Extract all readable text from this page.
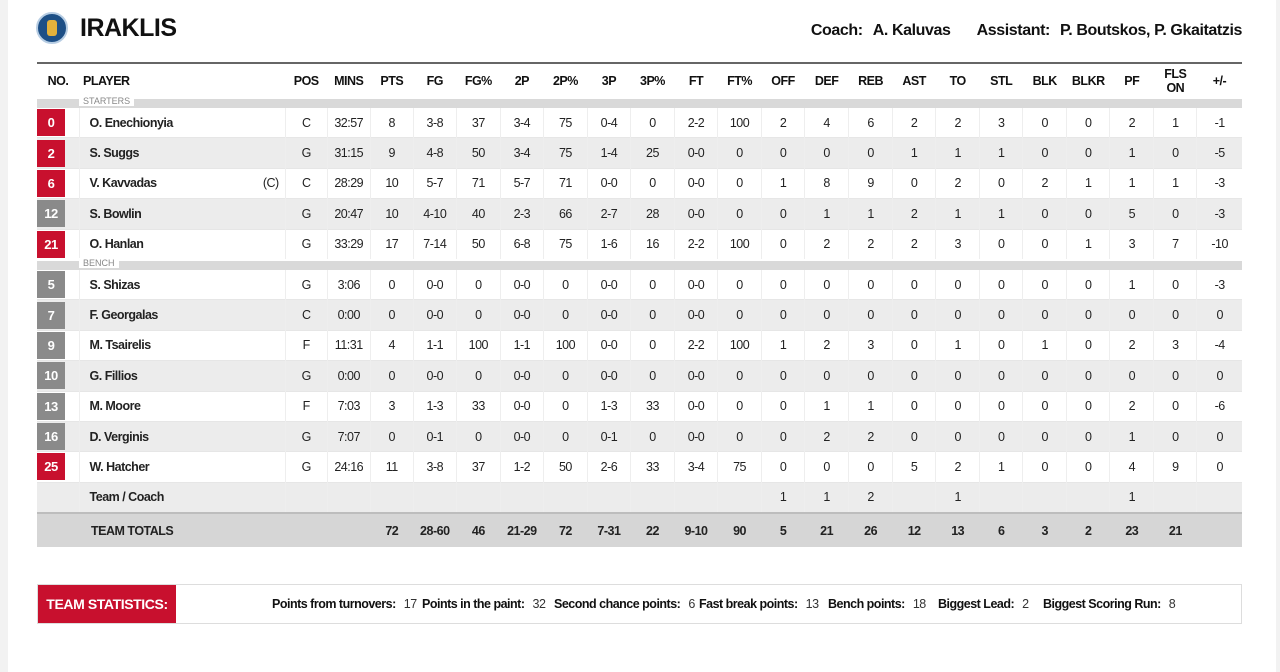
IRAKLIS	Coach: A. Kaluvas Assistant: P. Boutskos, P. Gkaitatzis
NO.	PLAYER		POS	MINS	PTS	FG	FG%	2P	2P%	3P	3P%	FT	FT%	OFF	DEF	REB	AST	TO	STL	BLK	BLKR	PF	FLS ON	+/-

STARTERS																								

0	O. Enechionyia		C	32:57	8	3-8	37	3-4	75	0-4	0	2-2	100	2	4	6	2	2	3	0	0	2	1	-1

2	S. Suggs		G	31:15	9	4-8	50	3-4	75	1-4	25	0-0	0	0	0	0	1	1	1	0	0	1	0	-5

6	V. Kavvadas (C)		C	28:29	10	5-7	71	5-7	71	0-0	0	0-0	0	1	8	9	0	2	0	2	1	1	1	-3

12	S. Bowlin		G	20:47	10	4-10	40	2-3	66	2-7	28	0-0	0	0	1	1	2	1	1	0	0	5	0	-3

21	O. Hanlan		G	33:29	17	7-14	50	6-8	75	1-6	16	2-2	100	0	2	2	2	3	0	0	1	3	7	-10

BENCH																								

5	S. Shizas		G	3:06	0	0-0	0	0-0	0	0-0	0	0-0	0	0	0	0	0	0	0	0	0	1	0	-3

7	F. Georgalas		C	0:00	0	0-0	0	0-0	0	0-0	0	0-0	0	0	0	0	0	0	0	0	0	0	0	0

9	M. Tsairelis		F	11:31	4	1-1	100	1-1	100	0-0	0	2-2	100	1	2	3	0	1	0	1	0	2	3	-4

10	G. Fillios		G	0:00	0	0-0	0	0-0	0	0-0	0	0-0	0	0	0	0	0	0	0	0	0	0	0	0

13	M. Moore		F	7:03	3	1-3	33	0-0	0	1-3	33	0-0	0	0	1	1	0	0	0	0	0	2	0	-6

16	D. Verginis		G	7:07	0	0-1	0	0-0	0	0-1	0	0-0	0	0	2	2	0	0	0	0	0	1	0	0

25	W. Hatcher		G	24:16	11	3-8	37	1-2	50	2-6	33	3-4	75	0	0	0	5	2	1	0	0	4	9	0
	Team / Coach													1	1	2		1				1		
	TEAM TOTALS				72	28-60	46	21-29	72	7-31	22	9-10	90	5	21	26	12	13	6	3	2	23	21	
TEAM STATISTICS:	Points from turnovers: 17 Points in the paint: 32 Second chance points: 6 Fast break points: 13 Bench points: 18 Biggest Lead: 2 Biggest Scoring Run: 8
